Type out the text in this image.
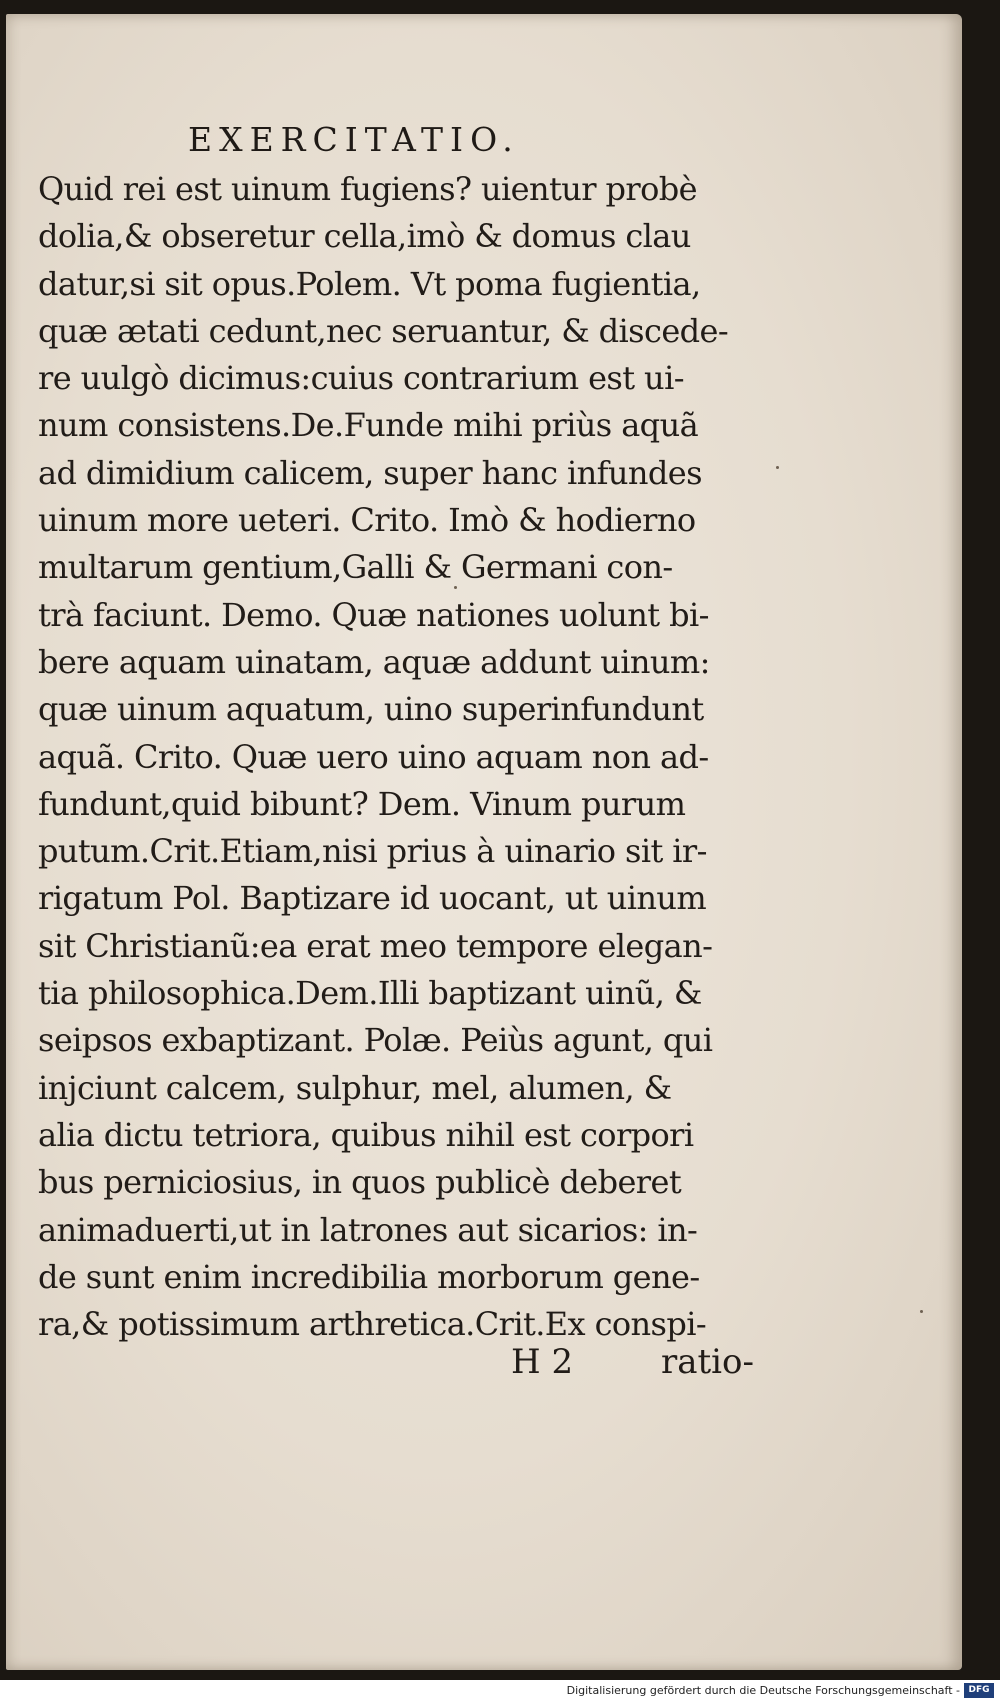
EXERCITATIO.
Quid rei est uinum fugiens? uientur probè
dolia,& obseretur cella,imò & domus clau
datur,si sit opus.Polem. Vt poma fugientia,
quæ ætati cedunt,nec seruantur, & discede-
re uulgò dicimus:cuius contrarium est ui-
num consistens.De.Funde mihi priùs aquã
ad dimidium calicem, super hanc infundes
uinum more ueteri. Crito. Imò & hodierno
multarum gentium,Galli & Germani con-
trà faciunt. Demo. Quæ nationes uolunt bi-
bere aquam uinatam, aquæ addunt uinum:
quæ uinum aquatum, uino superinfundunt
aquã. Crito. Quæ uero uino aquam non ad-
fundunt,quid bibunt? Dem. Vinum purum
putum.Crit.Etiam,nisi prius à uinario sit ir-
rigatum Pol. Baptizare id uocant, ut uinum
sit Christianũ:ea erat meo tempore elegan-
tia philosophica.Dem.Illi baptizant uinũ, &
seipsos exbaptizant. Polæ. Peiùs agunt, qui
injciunt calcem, sulphur, mel, alumen, &
alia dictu tetriora, quibus nihil est corpori
bus perniciosius, in quos publicè deberet
animaduerti,ut in latrones aut sicarios: in-
de sunt enim incredibilia morborum gene-
ra,& potissimum arthretica.Crit.Ex conspi-
H 2	ratio-
Digitalisierung gefördert durch die Deutsche Forschungsgemeinschaft - DFG
